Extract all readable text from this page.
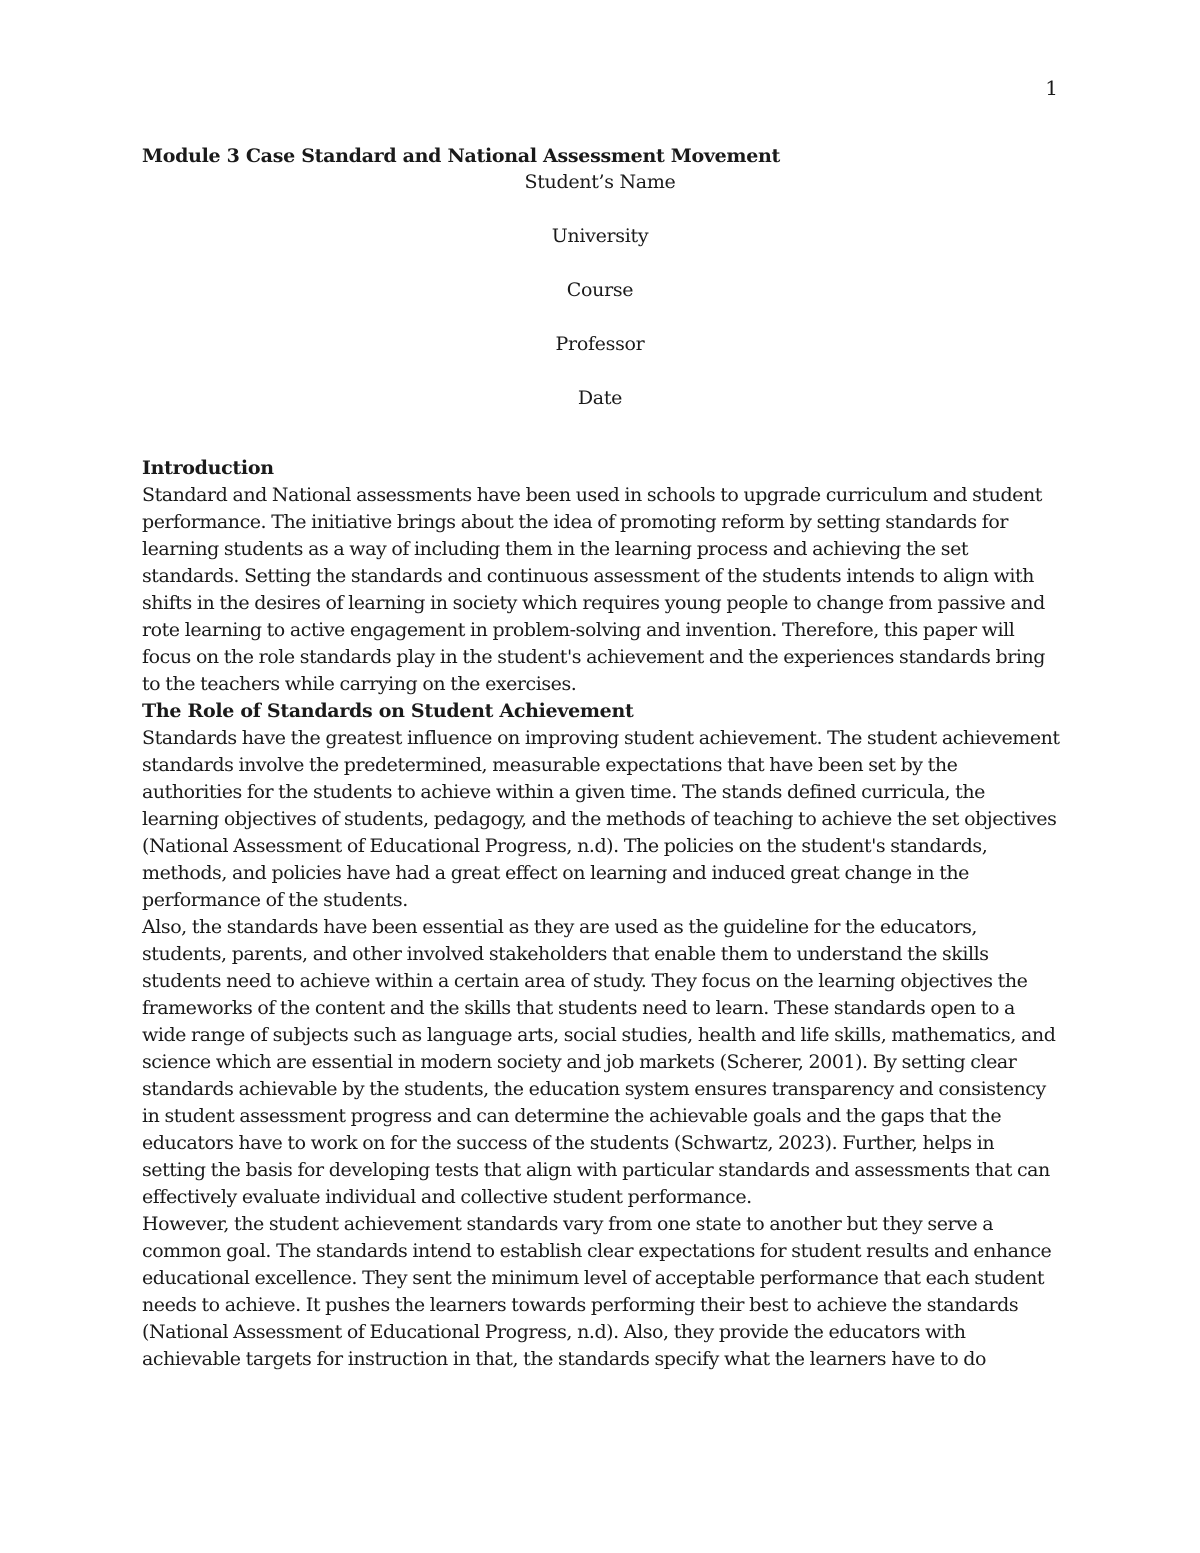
1
Module 3 Case Standard and National Assessment Movement
Student’s Name
University
Course
Professor
Date
Introduction

Standard and National assessments have been used in schools to upgrade curriculum and student performance. The initiative brings about the idea of promoting reform by setting standards for learning students as a way of including them in the learning process and achieving the set standards. Setting the standards and continuous assessment of the students intends to align with shifts in the desires of learning in society which requires young people to change from passive and rote learning to active engagement in problem-solving and invention. Therefore, this paper will focus on the role standards play in the student's achievement and the experiences standards bring to the teachers while carrying on the exercises.

The Role of Standards on Student Achievement

Standards have the greatest influence on improving student achievement. The student achievement standards involve the predetermined, measurable expectations that have been set by the authorities for the students to achieve within a given time. The stands defined curricula, the learning objectives of students, pedagogy, and the methods of teaching to achieve the set objectives (National Assessment of Educational Progress, n.d). The policies on the student's standards, methods, and policies have had a great effect on learning and induced great change in the performance of the students.

Also, the standards have been essential as they are used as the guideline for the educators, students, parents, and other involved stakeholders that enable them to understand the skills students need to achieve within a certain area of study. They focus on the learning objectives the frameworks of the content and the skills that students need to learn. These standards open to a wide range of subjects such as language arts, social studies, health and life skills, mathematics, and science which are essential in modern society and job markets (Scherer, 2001). By setting clear standards achievable by the students, the education system ensures transparency and consistency in student assessment progress and can determine the achievable goals and the gaps that the educators have to work on for the success of the students (Schwartz, 2023). Further, helps in setting the basis for developing tests that align with particular standards and assessments that can effectively evaluate individual and collective student performance.

However, the student achievement standards vary from one state to another but they serve a common goal. The standards intend to establish clear expectations for student results and enhance educational excellence. They sent the minimum level of acceptable performance that each student needs to achieve. It pushes the learners towards performing their best to achieve the standards (National Assessment of Educational Progress, n.d). Also, they provide the educators with achievable targets for instruction in that, the standards specify what the learners have to do
